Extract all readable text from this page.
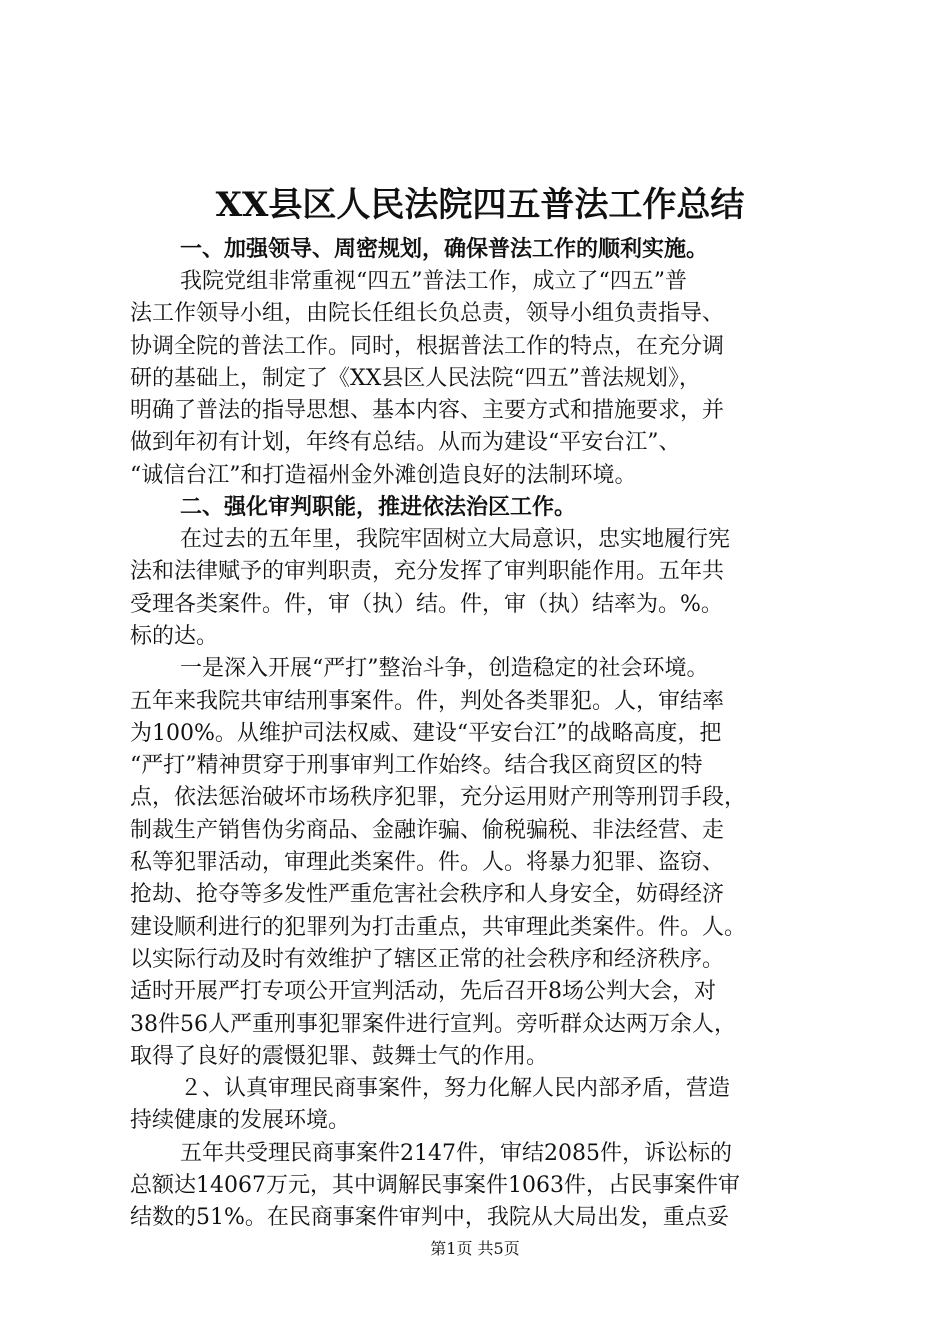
XX县区人民法院四五普法工作总结

一、加强领导、周密规划，确保普法工作的顺利实施。

我院党组非常重视“四五”普法工作，成立了“四五”普
法工作领导小组，由院长任组长负总责，领导小组负责指导、
协调全院的普法工作。同时，根据普法工作的特点，在充分调
研的基础上，制定了《XX县区人民法院“四五”普法规划》，
明确了普法的指导思想、基本内容、主要方式和措施要求，并
做到年初有计划，年终有总结。从而为建设“平安台江”、
“诚信台江”和打造福州金外滩创造良好的法制环境。

二、强化审判职能，推进依法治区工作。

在过去的五年里，我院牢固树立大局意识，忠实地履行宪
法和法律赋予的审判职责，充分发挥了审判职能作用。五年共
受理各类案件。件，审（执）结。件，审（执）结率为。%。
标的达。
一是深入开展“严打”整治斗争，创造稳定的社会环境。
五年来我院共审结刑事案件。件，判处各类罪犯。人，审结率
为100%。从维护司法权威、建设“平安台江”的战略高度，把
“严打”精神贯穿于刑事审判工作始终。结合我区商贸区的特
点，依法惩治破坏市场秩序犯罪，充分运用财产刑等刑罚手段，
制裁生产销售伪劣商品、金融诈骗、偷税骗税、非法经营、走
私等犯罪活动，审理此类案件。件。人。将暴力犯罪、盗窃、
抢劫、抢夺等多发性严重危害社会秩序和人身安全，妨碍经济
建设顺利进行的犯罪列为打击重点，共审理此类案件。件。人。
以实际行动及时有效维护了辖区正常的社会秩序和经济秩序。
适时开展严打专项公开宣判活动，先后召开8场公判大会，对
38件56人严重刑事犯罪案件进行宣判。旁听群众达两万余人，
取得了良好的震慑犯罪、鼓舞士气的作用。
２、认真审理民商事案件，努力化解人民内部矛盾，营造
持续健康的发展环境。
五年共受理民商事案件2147件，审结2085件，诉讼标的
总额达14067万元，其中调解民事案件1063件，占民事案件审
结数的51%。在民商事案件审判中，我院从大局出发，重点妥
第1页 共5页
